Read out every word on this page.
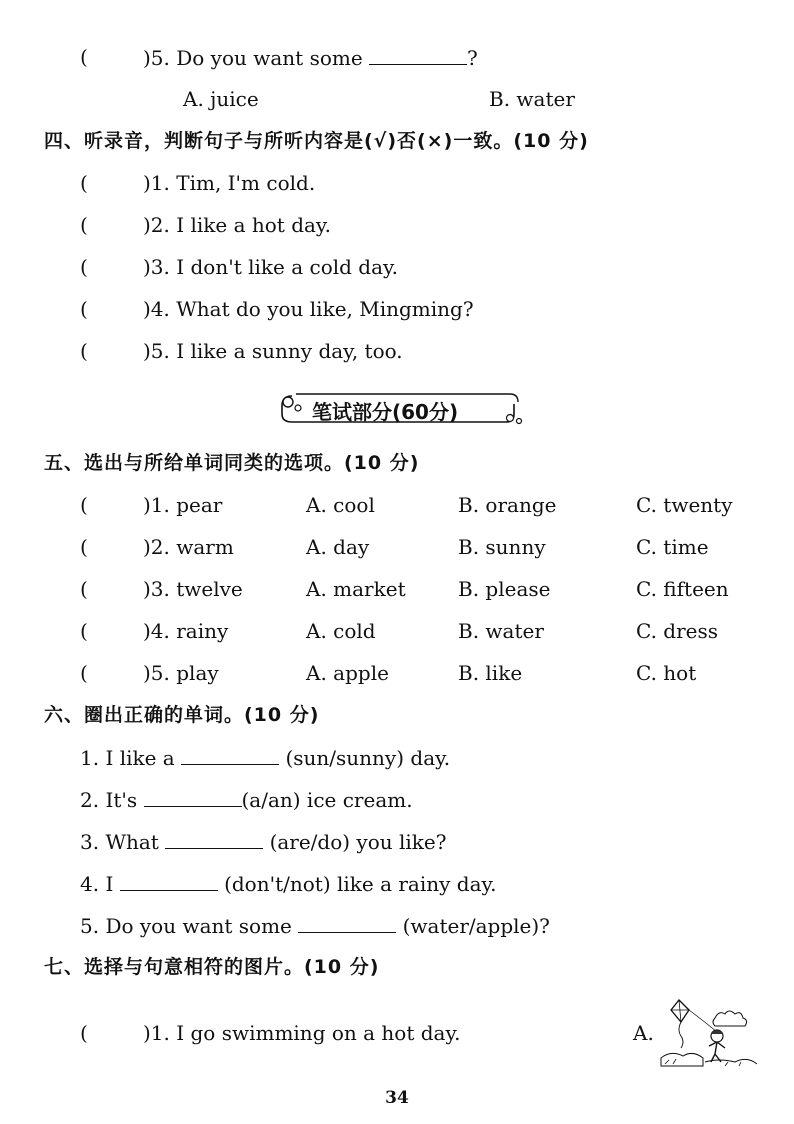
(	)5. Do you want some	?
A. juice	B. water
四、听录音，判断句子与所听内容是(√)否(×)一致。(10 分)
(	)1. Tim, I'm cold.
(	)2. I like a hot day.
(	)3. I don't like a cold day.
(	)4. What do you like, Mingming?
(	)5. I like a sunny day, too.
笔试部分(60分)
五、选出与所给单词同类的选项。(10 分)
(	)1. pear	A. cool	B. orange	C. twenty
(	)2. warm	A. day	B. sunny	C. time
(	)3. twelve	A. market	B. please	C. fifteen
(	)4. rainy	A. cold	B. water	C. dress
(	)5. play	A. apple	B. like	C. hot
六、圈出正确的单词。(10 分)
1. I like a	(sun/sunny) day.
2. It's	(a/an) ice cream.
3. What	(are/do) you like?
4. I	(don't/not) like a rainy day.
5. Do you want some	(water/apple)?
七、选择与句意相符的图片。(10 分)
(	)1. I go swimming on a hot day.	A.
34
